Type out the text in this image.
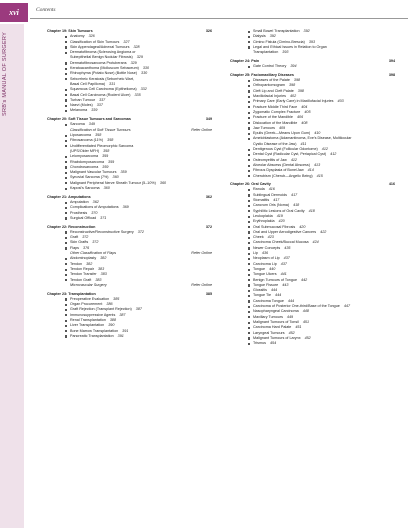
xvi	Contents
SRB's MANUAL OF SURGERY
Chapter 19: Skin Tumours	326
Anatomy 326
Classification of Skin Tumours 327
Skin Appendageal/Adnexal Tumours 328
Dermatofibroma (Sclerosing Angioma or
Subepithelial Benign Nodular Fibrosis) 329
Dermatofibrosarcoma Protuberans 329
Keratoacanthoma (Molluscum Sebaceum) 330
Rhinophyma (Potato Nose) (Bottle Nose) 330
Seborrheic Keratosis (Seborrheic Wart,
Basal Cell Papilloma) 331
Squamous Cell Carcinoma (Epithelioma) 332
Basal Cell Carcinoma (Rodent Ulcer) 335
Turban Tumour 337
Naevi (Moles) 337
Melanoma 339
Chapter 20: Soft Tissue Tumours and Sarcomas	349
Sarcoma 349
Classification of Soft Tissue Tumours	Refer Online
Liposarcoma 358
Fibrosarcoma (11%) 358
Undifferentiated Pleomorphic Sarcoma
(UPS/Older MFH) 358
Leiomyosarcoma 359
Rhabdomyosarcoma 359
Chondrosarcoma 359
Malignant Vascular Tumours 359
Synovial Sarcoma (7%) 360
Malignant Peripheral Nerve Sheath Tumour (5–10%) 360
Kaposi's Sarcoma 360
Chapter 21: Amputations	362
Amputation 362
Complications of Amputations 369
Prosthesis 370
Surgical Offload 371
Chapter 22: Reconstruction	372
Reconstructive/Reconstructive Surgery 372
Graft 372
Skin Grafts 372
Flaps 376
Other Classification of Flaps	Refer Online
Abdominoplasty 382
Tendon 382
Tendon Repair 383
Tendon Transfer 383
Tendon Graft 383
Microvascular Surgery	Refer Online
Chapter 23: Transplantation	385
Preoperative Evaluation 385
Organ Procurement 386
Graft Rejection (Transplant Rejection) 387
Immunosuppressive Agents 387
Renal Transplantation 388
Liver Transplantation 390
Bone Marrow Transplantation 391
Pancreatic Transplantation 391
Small Bowel Transplantation 392
Dialysis 392
Cimino Fistula (Cimino-Brescia) 393
Legal and Ethical Issues in Relation to Organ
Transplantation 393
Chapter 24: Pain	394
Gate Control Theory 394
Chapter 25: Faciomaxillary Diseases	398
Diseases of the Palate 398
Orthopantomogram 398
Cleft Lip and Cleft Palate 398
Maxillofacial Injuries 402
Primary Care (Early Care) in Maxillofacial Injuries 403
Fracture Middle Third Face 404
Zygomatic Complex Fracture 405
Fracture of the Mandible 406
Dislocation of the Mandible 408
Jaw Tumours 409
Epulis (Greek—Means Upon Gum) 410
Ameloblastoma (Adamantinoma, Eve's Disease, Multilocular
Cystic Disease of the Jaw) 411
Dentigerous Cyst (Follicular Odontome) 412
Dental Cyst (Radicular Cyst, Periapical Cyst) 412
Osteomyelitis of Jaw 412
Alveolar Abscess (Dental Abscess) 413
Fibrous Dysplasia of Bone/Jaw 414
Cherubism (Cherub—Angelic Being) 415
Chapter 26: Oral Cavity	416
Ranula 416
Sublingual Dermoids 417
Stomatitis 417
Cancrum Oris (Noma) 418
Syphilitic Lesions of Oral Cavity 418
Leukoplakia 419
Erythroplakia 420
Oral Submucosal Fibrosis 420
Oral and Upper Aerodigestive Cancers 422
Cheek 423
Carcinoma Cheek/Buccal Mucosa 424
Newer Concepts 435
Lip 436
Neoplasm of Lip 437
Carcinoma Lip 437
Tongue 440
Tongue Ulcers 441
Benign Tumours of Tongue 442
Tongue Fissure 443
Glossitis 444
Tongue Tie 444
Carcinoma Tongue 444
Carcinoma of Posterior One-third/Base of the Tongue 447
Nasopharyngeal Carcinoma 448
Maxillary Tumours 449
Malignant Tumours of Tonsil 451
Carcinoma Hard Palate 451
Laryngeal Tumours 452
Malignant Tumours of Larynx 452
Trismus 454
